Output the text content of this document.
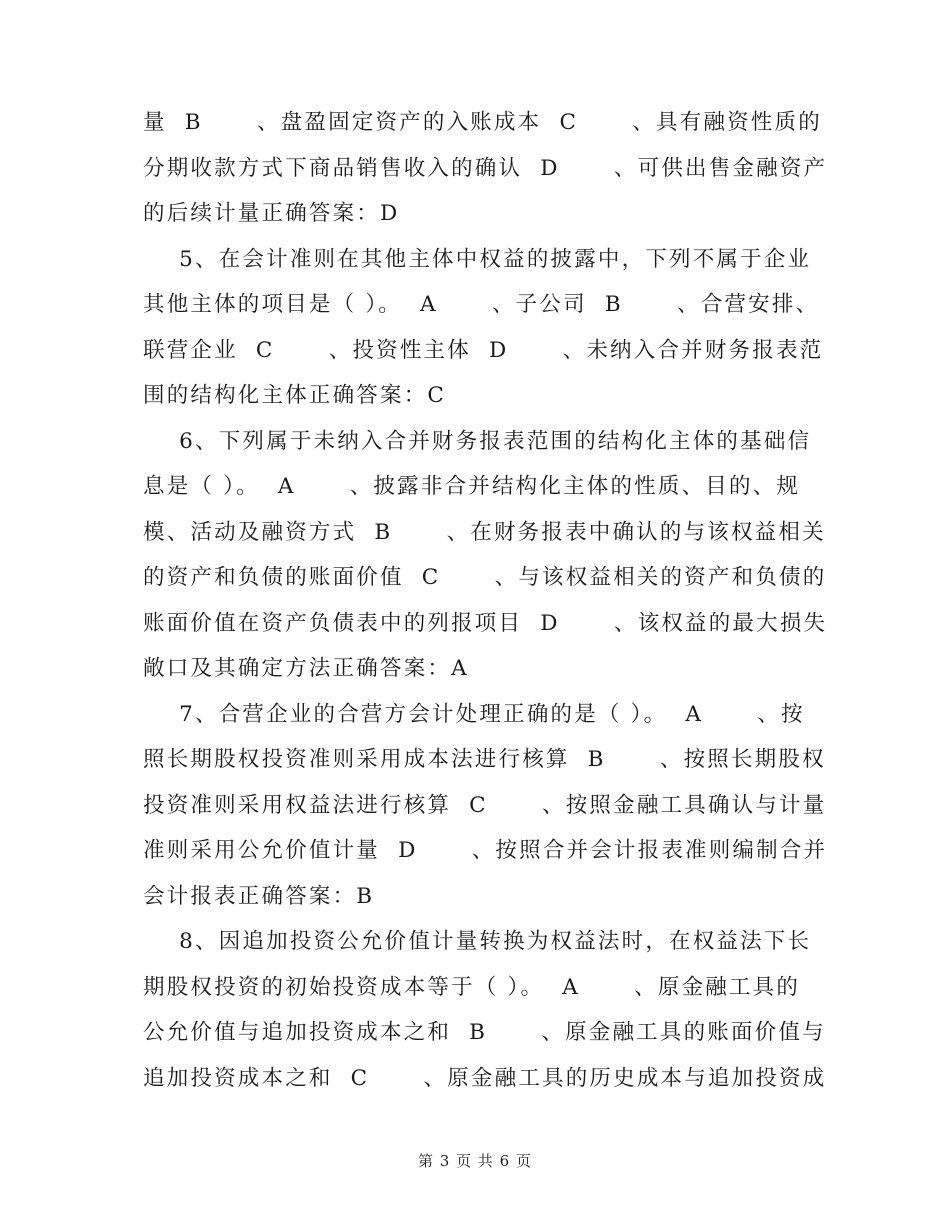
量  B      、盘盈固定资产的入账成本  C      、具有融资性质的
分期收款方式下商品销售收入的确认  D      、可供出售金融资产
的后续计量正确答案：D
5、在会计准则在其他主体中权益的披露中，下列不属于企业
其他主体的项目是（ ）。  A      、子公司  B      、合营安排、
联营企业  C      、投资性主体  D      、未纳入合并财务报表范
围的结构化主体正确答案：C
6、下列属于未纳入合并财务报表范围的结构化主体的基础信
息是（ ）。  A      、披露非合并结构化主体的性质、目的、规
模、活动及融资方式  B      、在财务报表中确认的与该权益相关
的资产和负债的账面价值  C      、与该权益相关的资产和负债的
账面价值在资产负债表中的列报项目  D      、该权益的最大损失
敞口及其确定方法正确答案：A
7、合营企业的合营方会计处理正确的是（ ）。  A      、按
照长期股权投资准则采用成本法进行核算  B      、按照长期股权
投资准则采用权益法进行核算  C      、按照金融工具确认与计量
准则采用公允价值计量  D      、按照合并会计报表准则编制合并
会计报表正确答案：B
8、因追加投资公允价值计量转换为权益法时，在权益法下长
期股权投资的初始投资成本等于（ ）。  A      、原金融工具的
公允价值与追加投资成本之和  B      、原金融工具的账面价值与
追加投资成本之和  C      、原金融工具的历史成本与追加投资成
第 3 页 共 6 页
